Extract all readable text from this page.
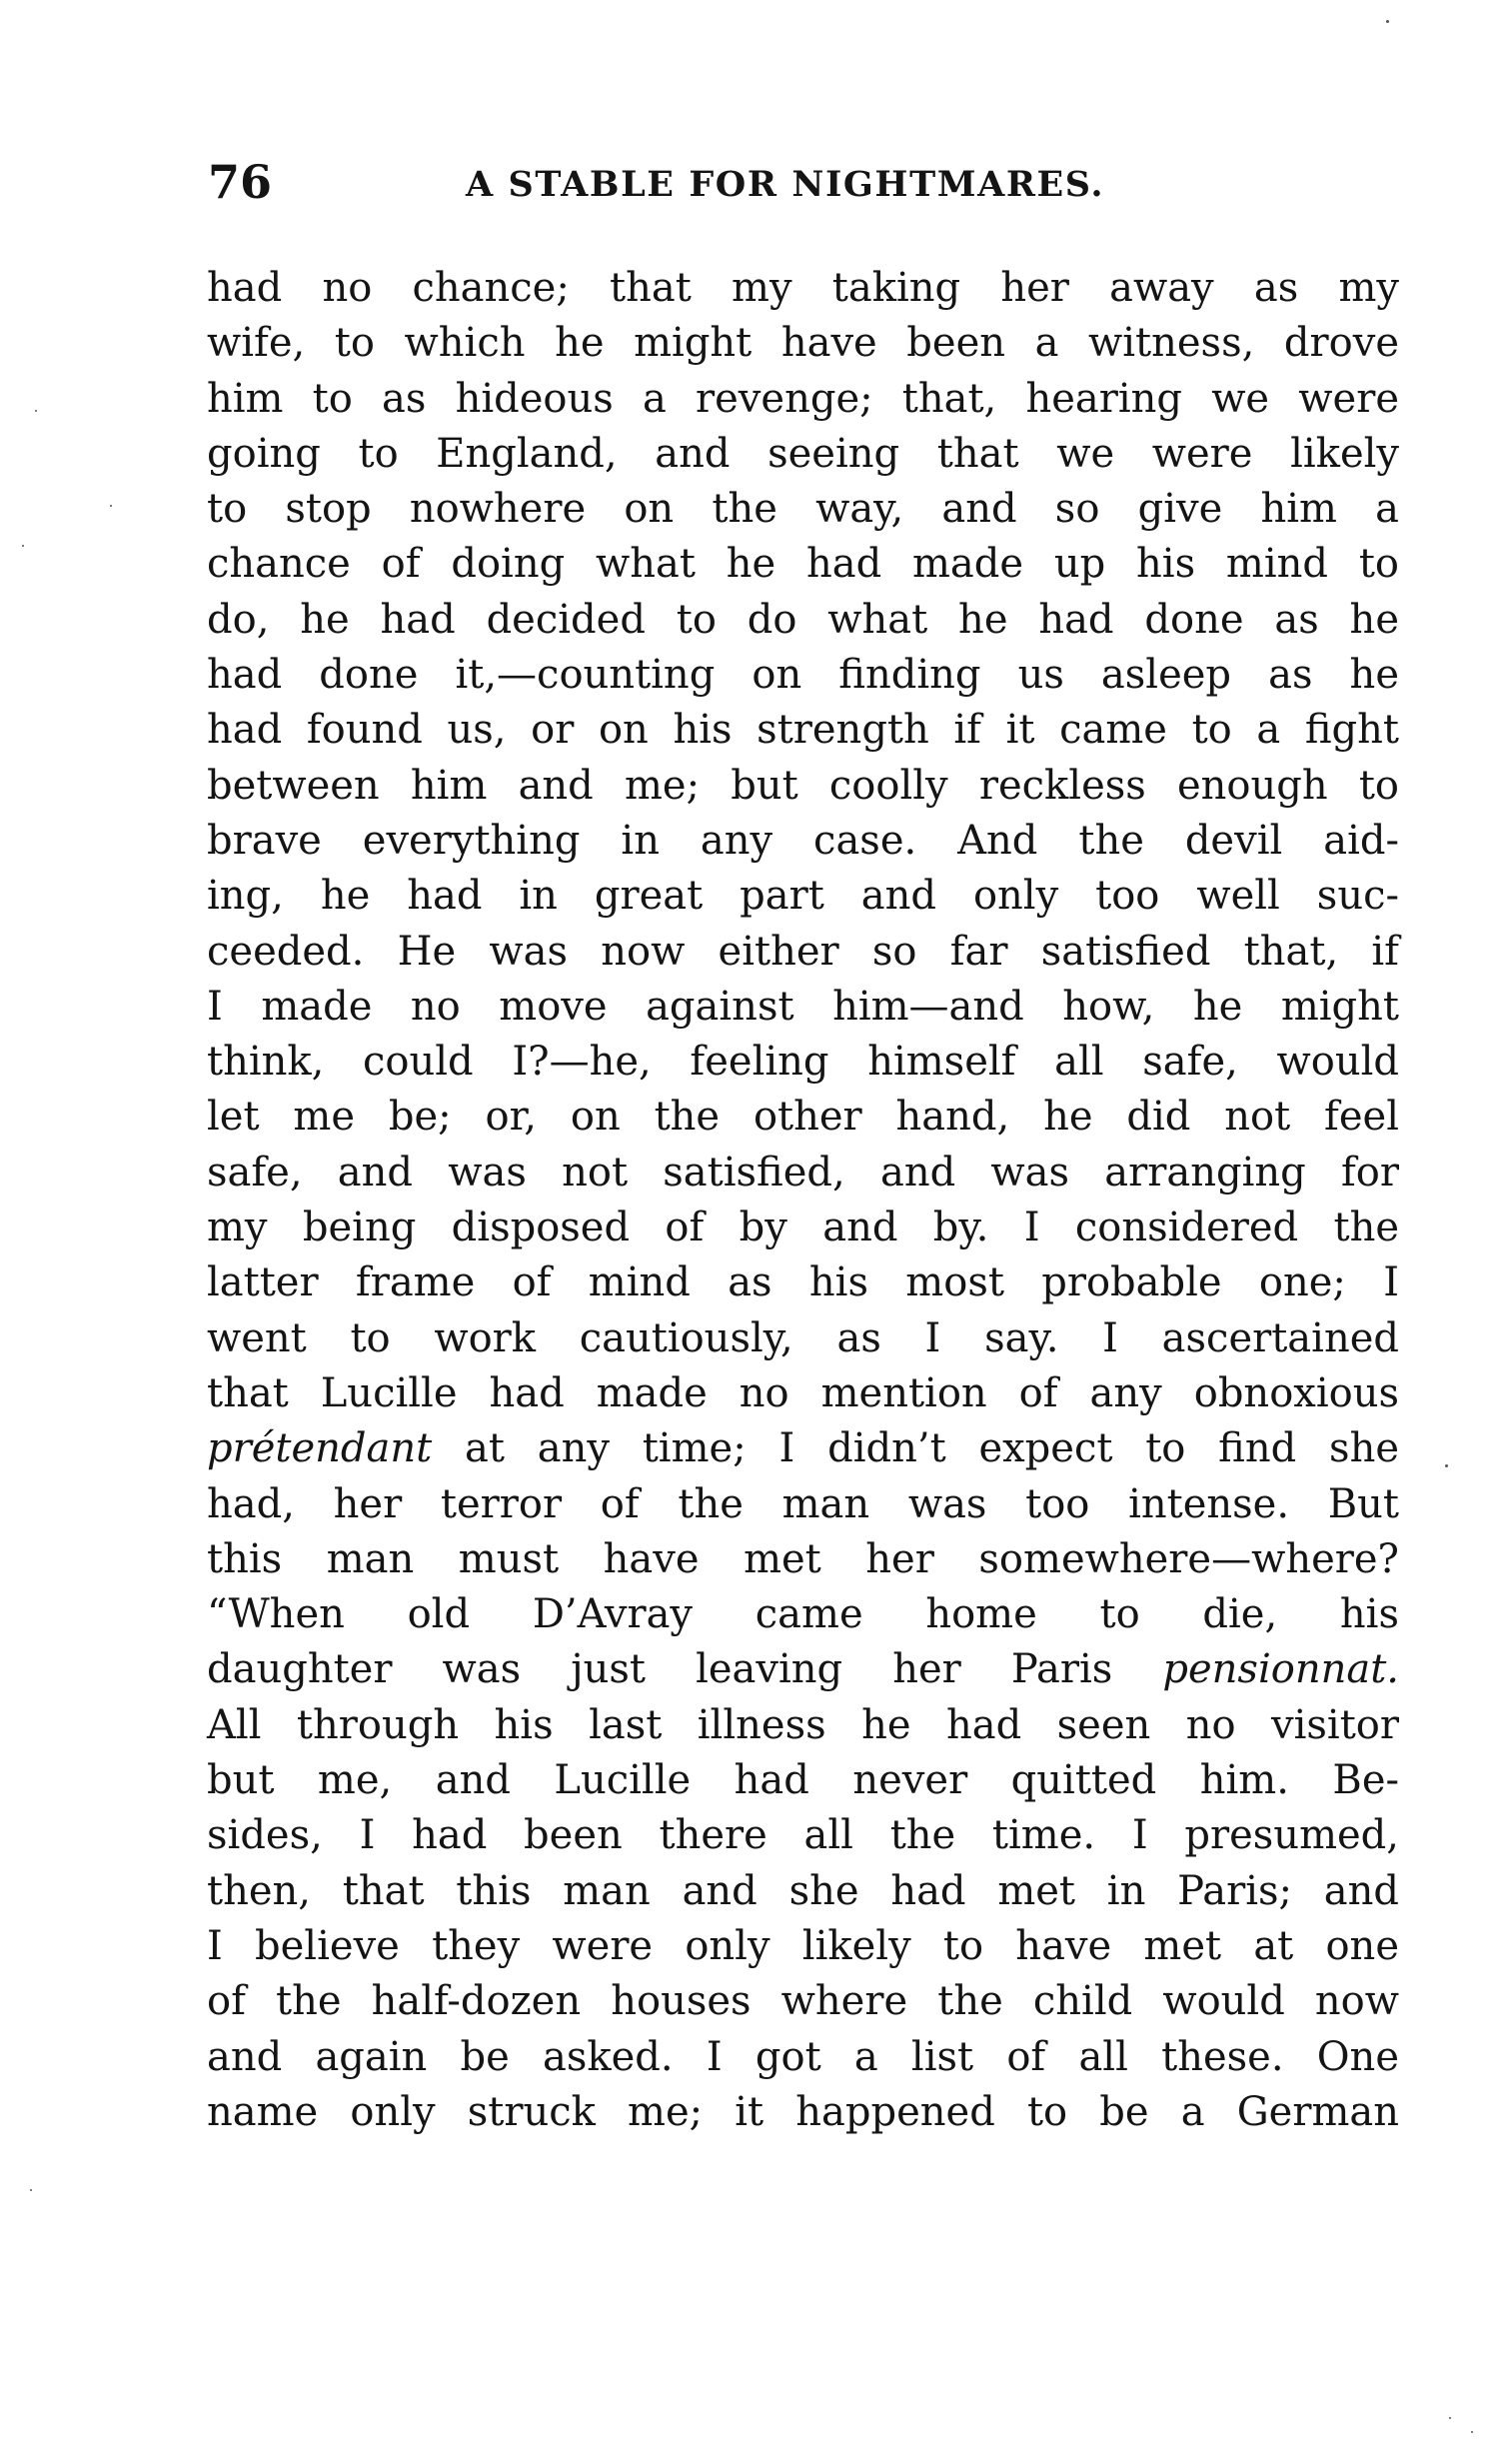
76	A STABLE FOR NIGHTMARES.
had no chance; that my taking her away as my
wife, to which he might have been a witness, drove
him to as hideous a revenge; that, hearing we were
going to England, and seeing that we were likely
to stop nowhere on the way, and so give him a
chance of doing what he had made up his mind to
do, he had decided to do what he had done as he
had done it,—counting on finding us asleep as he
had found us, or on his strength if it came to a fight
between him and me; but coolly reckless enough to
brave everything in any case. And the devil aid-
ing, he had in great part and only too well suc-
ceeded. He was now either so far satisfied that, if
I made no move against him—and how, he might
think, could I?—he, feeling himself all safe, would
let me be; or, on the other hand, he did not feel
safe, and was not satisfied, and was arranging for
my being disposed of by and by. I considered the
latter frame of mind as his most probable one; I
went to work cautiously, as I say. I ascertained
that Lucille had made no mention of any obnoxious
prétendant at any time; I didn’t expect to find she
had, her terror of the man was too intense. But
this man must have met her somewhere—where?
“When old D’Avray came home to die, his
daughter was just leaving her Paris pensionnat.
All through his last illness he had seen no visitor
but me, and Lucille had never quitted him. Be-
sides, I had been there all the time. I presumed,
then, that this man and she had met in Paris; and
I believe they were only likely to have met at one
of the half-dozen houses where the child would now
and again be asked. I got a list of all these. One
name only struck me; it happened to be a German
